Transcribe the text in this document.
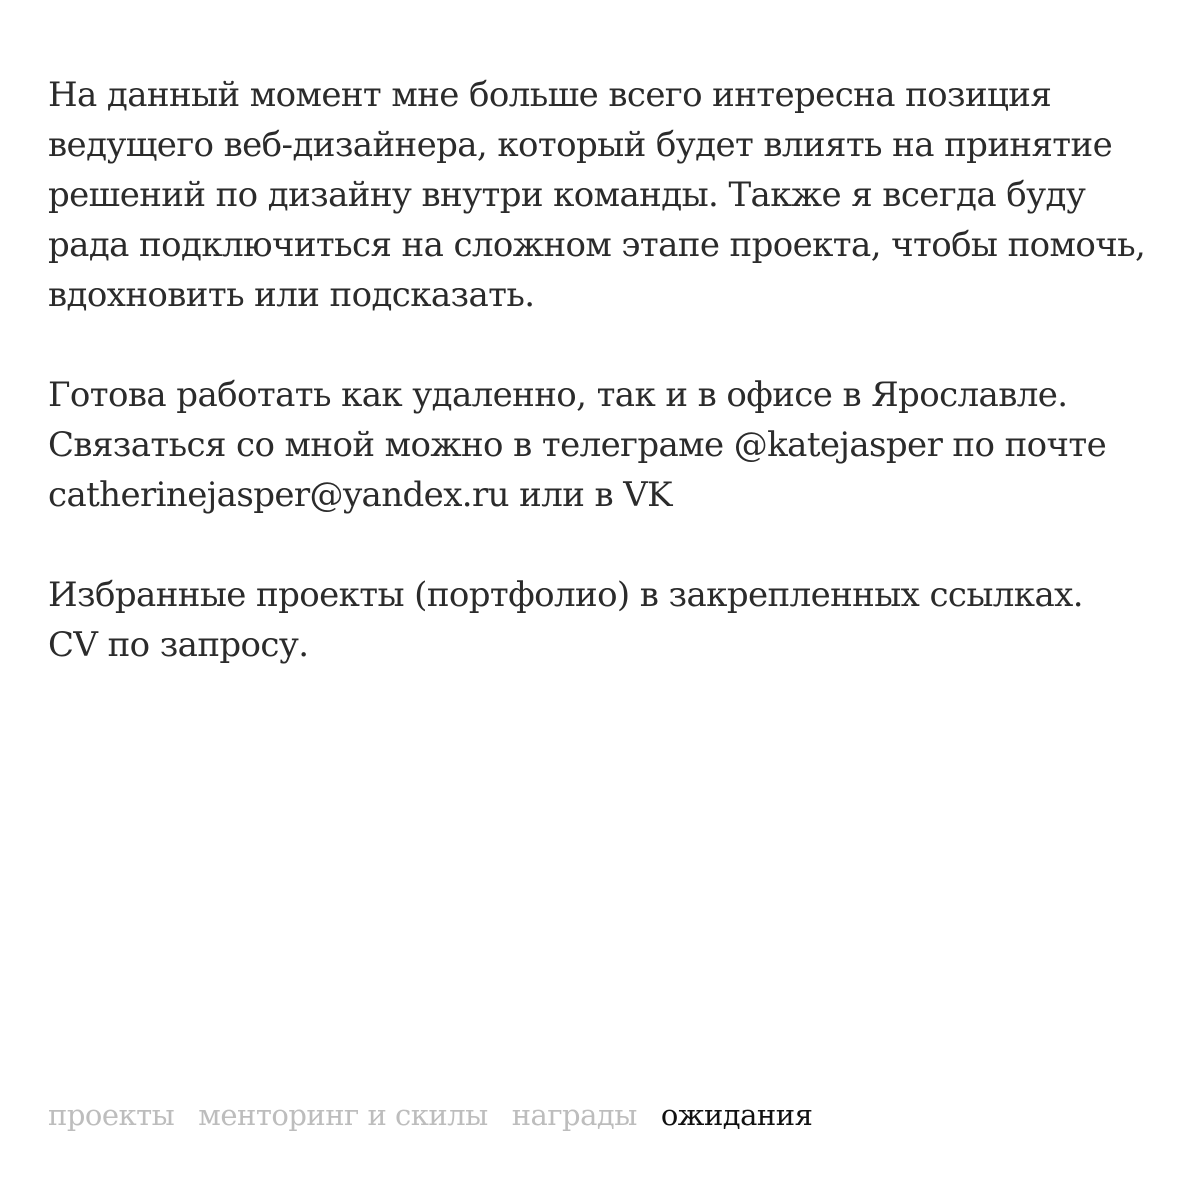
На данный момент мне больше всего интересна позиция
ведущего веб-дизайнера, который будет влиять на принятие
решений по дизайну внутри команды. Также я всегда буду
рада подключиться на сложном этапе проекта, чтобы помочь,
вдохновить или подсказать.

Готова работать как удаленно, так и в офисе в Ярославле.
Связаться со мной можно в телеграме @katejasper по почте
catherinejasper@yandex.ru или в VK

Избранные проекты (портфолио) в закрепленных ссылках.
CV по запросу.

проекты менторинг и скилы награды ожидания
